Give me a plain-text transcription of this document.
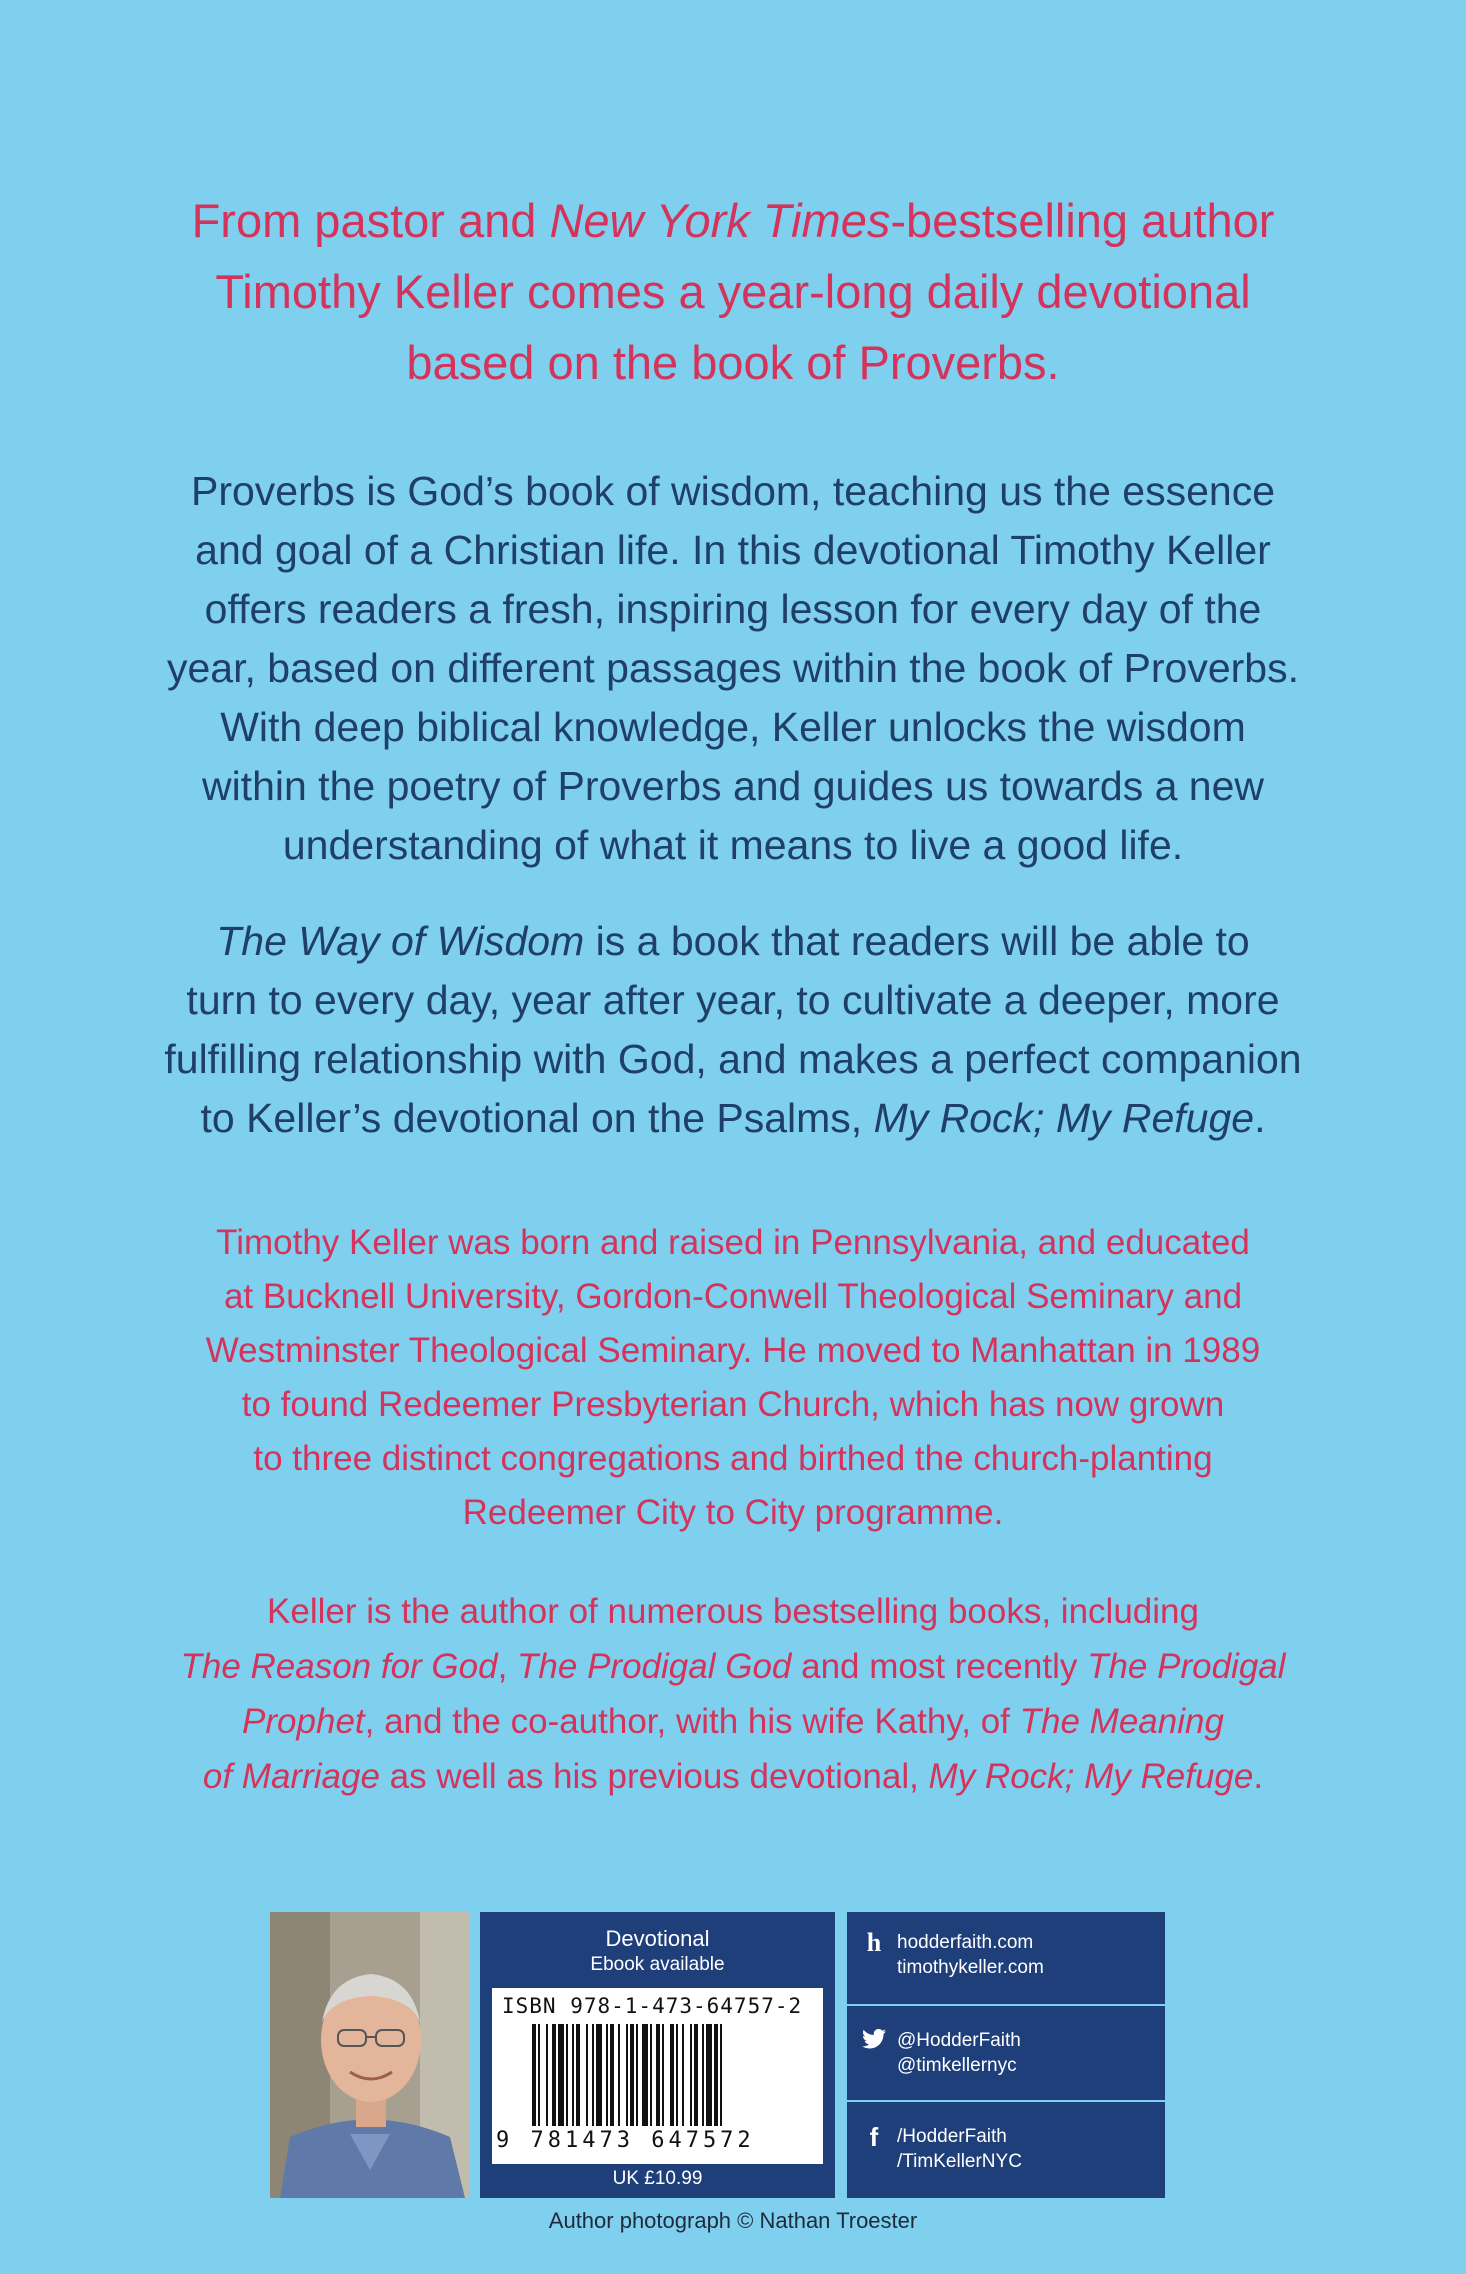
From pastor and New York Times-bestselling author
Timothy Keller comes a year-long daily devotional
based on the book of Proverbs.
Proverbs is God’s book of wisdom, teaching us the essence
and goal of a Christian life. In this devotional Timothy Keller
offers readers a fresh, inspiring lesson for every day of the
year, based on different passages within the book of Proverbs.
With deep biblical knowledge, Keller unlocks the wisdom
within the poetry of Proverbs and guides us towards a new
understanding of what it means to live a good life.
The Way of Wisdom is a book that readers will be able to
turn to every day, year after year, to cultivate a deeper, more
fulfilling relationship with God, and makes a perfect companion
to Keller’s devotional on the Psalms, My Rock; My Refuge.
Timothy Keller was born and raised in Pennsylvania, and educated
at Bucknell University, Gordon-Conwell Theological Seminary and
Westminster Theological Seminary. He moved to Manhattan in 1989
to found Redeemer Presbyterian Church, which has now grown
to three distinct congregations and birthed the church-planting
Redeemer City to City programme.
Keller is the author of numerous bestselling books, including
The Reason for God, The Prodigal God and most recently The Prodigal
Prophet, and the co-author, with his wife Kathy, of The Meaning
of Marriage as well as his previous devotional, My Rock; My Refuge.
Devotional
Ebook available
ISBN 978-1-473-64757-2
9 781473 647572
UK £10.99
h hodderfaith.com
timothykeller.com
@HodderFaith
@timkellernyc
f /HodderFaith
/TimKellerNYC
Author photograph © Nathan Troester
